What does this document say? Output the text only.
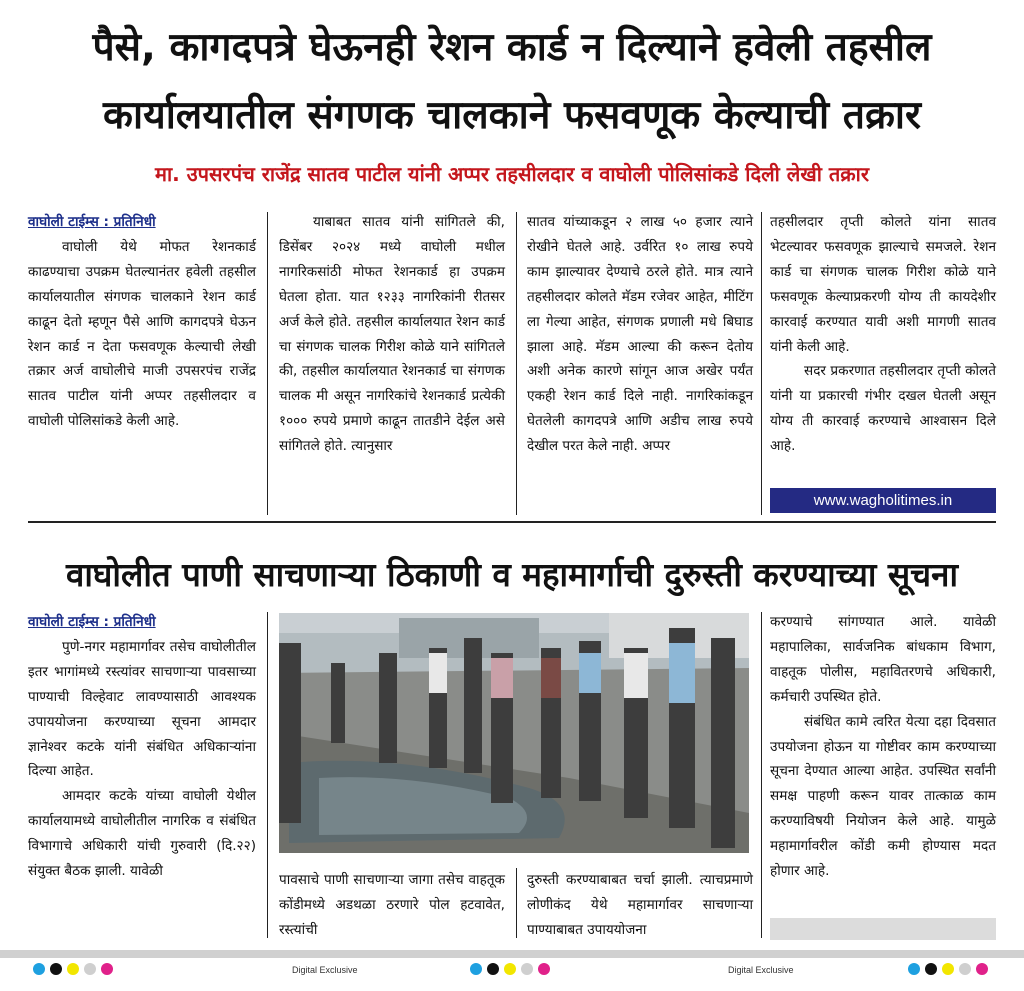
पैसे, कागदपत्रे घेऊनही रेशन कार्ड न दिल्याने हवेली तहसील
कार्यालयातील संगणक चालकाने फसवणूक केल्याची तक्रार
मा. उपसरपंच राजेंद्र सातव पाटील यांनी अप्पर तहसीलदार व वाघोली पोलिसांकडे दिली लेखी तक्रार
वाघोली टाईम्स : प्रतिनिधी

वाघोली येथे मोफत रेशनकार्ड काढण्याचा उपक्रम घेतल्यानंतर हवेली तहसील कार्यालयातील संगणक चालकाने रेशन कार्ड काढून देतो म्हणून पैसे आणि कागदपत्रे घेऊन रेशन कार्ड न देता फसवणूक केल्याची लेखी तक्रार अर्ज वाघोलीचे माजी उपसरपंच राजेंद्र सातव पाटील यांनी अप्पर तहसीलदार व वाघोली पोलिसांकडे केली आहे.

याबाबत सातव यांनी सांगितले की, डिसेंबर २०२४ मध्ये वाघोली मधील नागरिकसांठी मोफत रेशनकार्ड हा उपक्रम घेतला होता. यात १२३३ नागरिकांनी रीतसर अर्ज केले होते. तहसील कार्यालयात रेशन कार्ड चा संगणक चालक गिरीश कोळे याने सांगितले की, तहसील कार्यालयात रेशनकार्ड चा संगणक चालक मी असून नागरिकांचे रेशनकार्ड प्रत्येकी १००० रुपये प्रमाणे काढून तातडीने देईल असे सांगितले होते. त्यानुसार

सातव यांच्याकडून २ लाख ५० हजार त्याने रोखीने घेतले आहे. उर्वरित १० लाख रुपये काम झाल्यावर देण्याचे ठरले होते. मात्र त्याने तहसीलदार कोलते मॅडम रजेवर आहेत, मीटिंग ला गेल्या आहेत, संगणक प्रणाली मधे बिघाड झाला आहे. मॅडम आल्या की करून देतोय अशी अनेक कारणे सांगून आज अखेर पर्यंत एकही रेशन कार्ड दिले नाही. नागरिकांकडून घेतलेली कागदपत्रे आणि अडीच लाख रुपये देखील परत केले नाही. अप्पर

तहसीलदार तृप्ती कोलते यांना सातव भेटल्यावर फसवणूक झाल्याचे समजले. रेशन कार्ड चा संगणक चालक गिरीश कोळे याने फसवणूक केल्याप्रकरणी योग्य ती कायदेशीर कारवाई करण्यात यावी अशी मागणी सातव यांनी केली आहे.

सदर प्रकरणात तहसीलदार तृप्ती कोलते यांनी या प्रकारची गंभीर दखल घेतली असून योग्य ती कारवाई करण्याचे आश्वासन दिले आहे.

www.wagholitimes.in
वाघोलीत पाणी साचणाऱ्या ठिकाणी व महामार्गाची दुरुस्ती करण्याच्या सूचना
वाघोली टाईम्स : प्रतिनिधी

पुणे-नगर महामार्गावर तसेच वाघोलीतील इतर भागांमध्ये रस्त्यांवर साचणाऱ्या पावसाच्या पाण्याची विल्हेवाट लावण्यासाठी आवश्यक उपाययोजना करण्याच्या सूचना आमदार ज्ञानेश्वर कटके यांनी संबंधित अधिकाऱ्यांना दिल्या आहेत.

आमदार कटके यांच्या वाघोली येथील कार्यालयामध्ये वाघोलीतील नागरिक व संबंधित विभागाचे अधिकारी यांची गुरुवारी (दि.२२) संयुक्त बैठक झाली. यावेळी

पावसाचे पाणी साचणाऱ्या जागा तसेच वाहतूक कोंडीमध्ये अडथळा ठरणारे पोल हटवावेत, रस्त्यांची

दुरुस्ती करण्याबाबत चर्चा झाली. त्याचप्रमाणे लोणीकंद येथे महामार्गावर साचणाऱ्या पाण्याबाबत उपाययोजना

करण्याचे सांगण्यात आले. यावेळी महापालिका, सार्वजनिक बांधकाम विभाग, वाहतूक पोलीस, महावितरणचे अधिकारी, कर्मचारी उपस्थित होते.

संबंधित कामे त्वरित येत्या दहा दिवसात उपयोजना होऊन या गोष्टीवर काम करण्याच्या सूचना देण्यात आल्या आहेत. उपस्थित सर्वांनी समक्ष पाहणी करून यावर तात्काळ काम करण्याविषयी नियोजन केले आहे. यामुळे महामार्गावरील कोंडी कमी होण्यास मदत होणार आहे.

Digital Exclusive	Digital Exclusive
